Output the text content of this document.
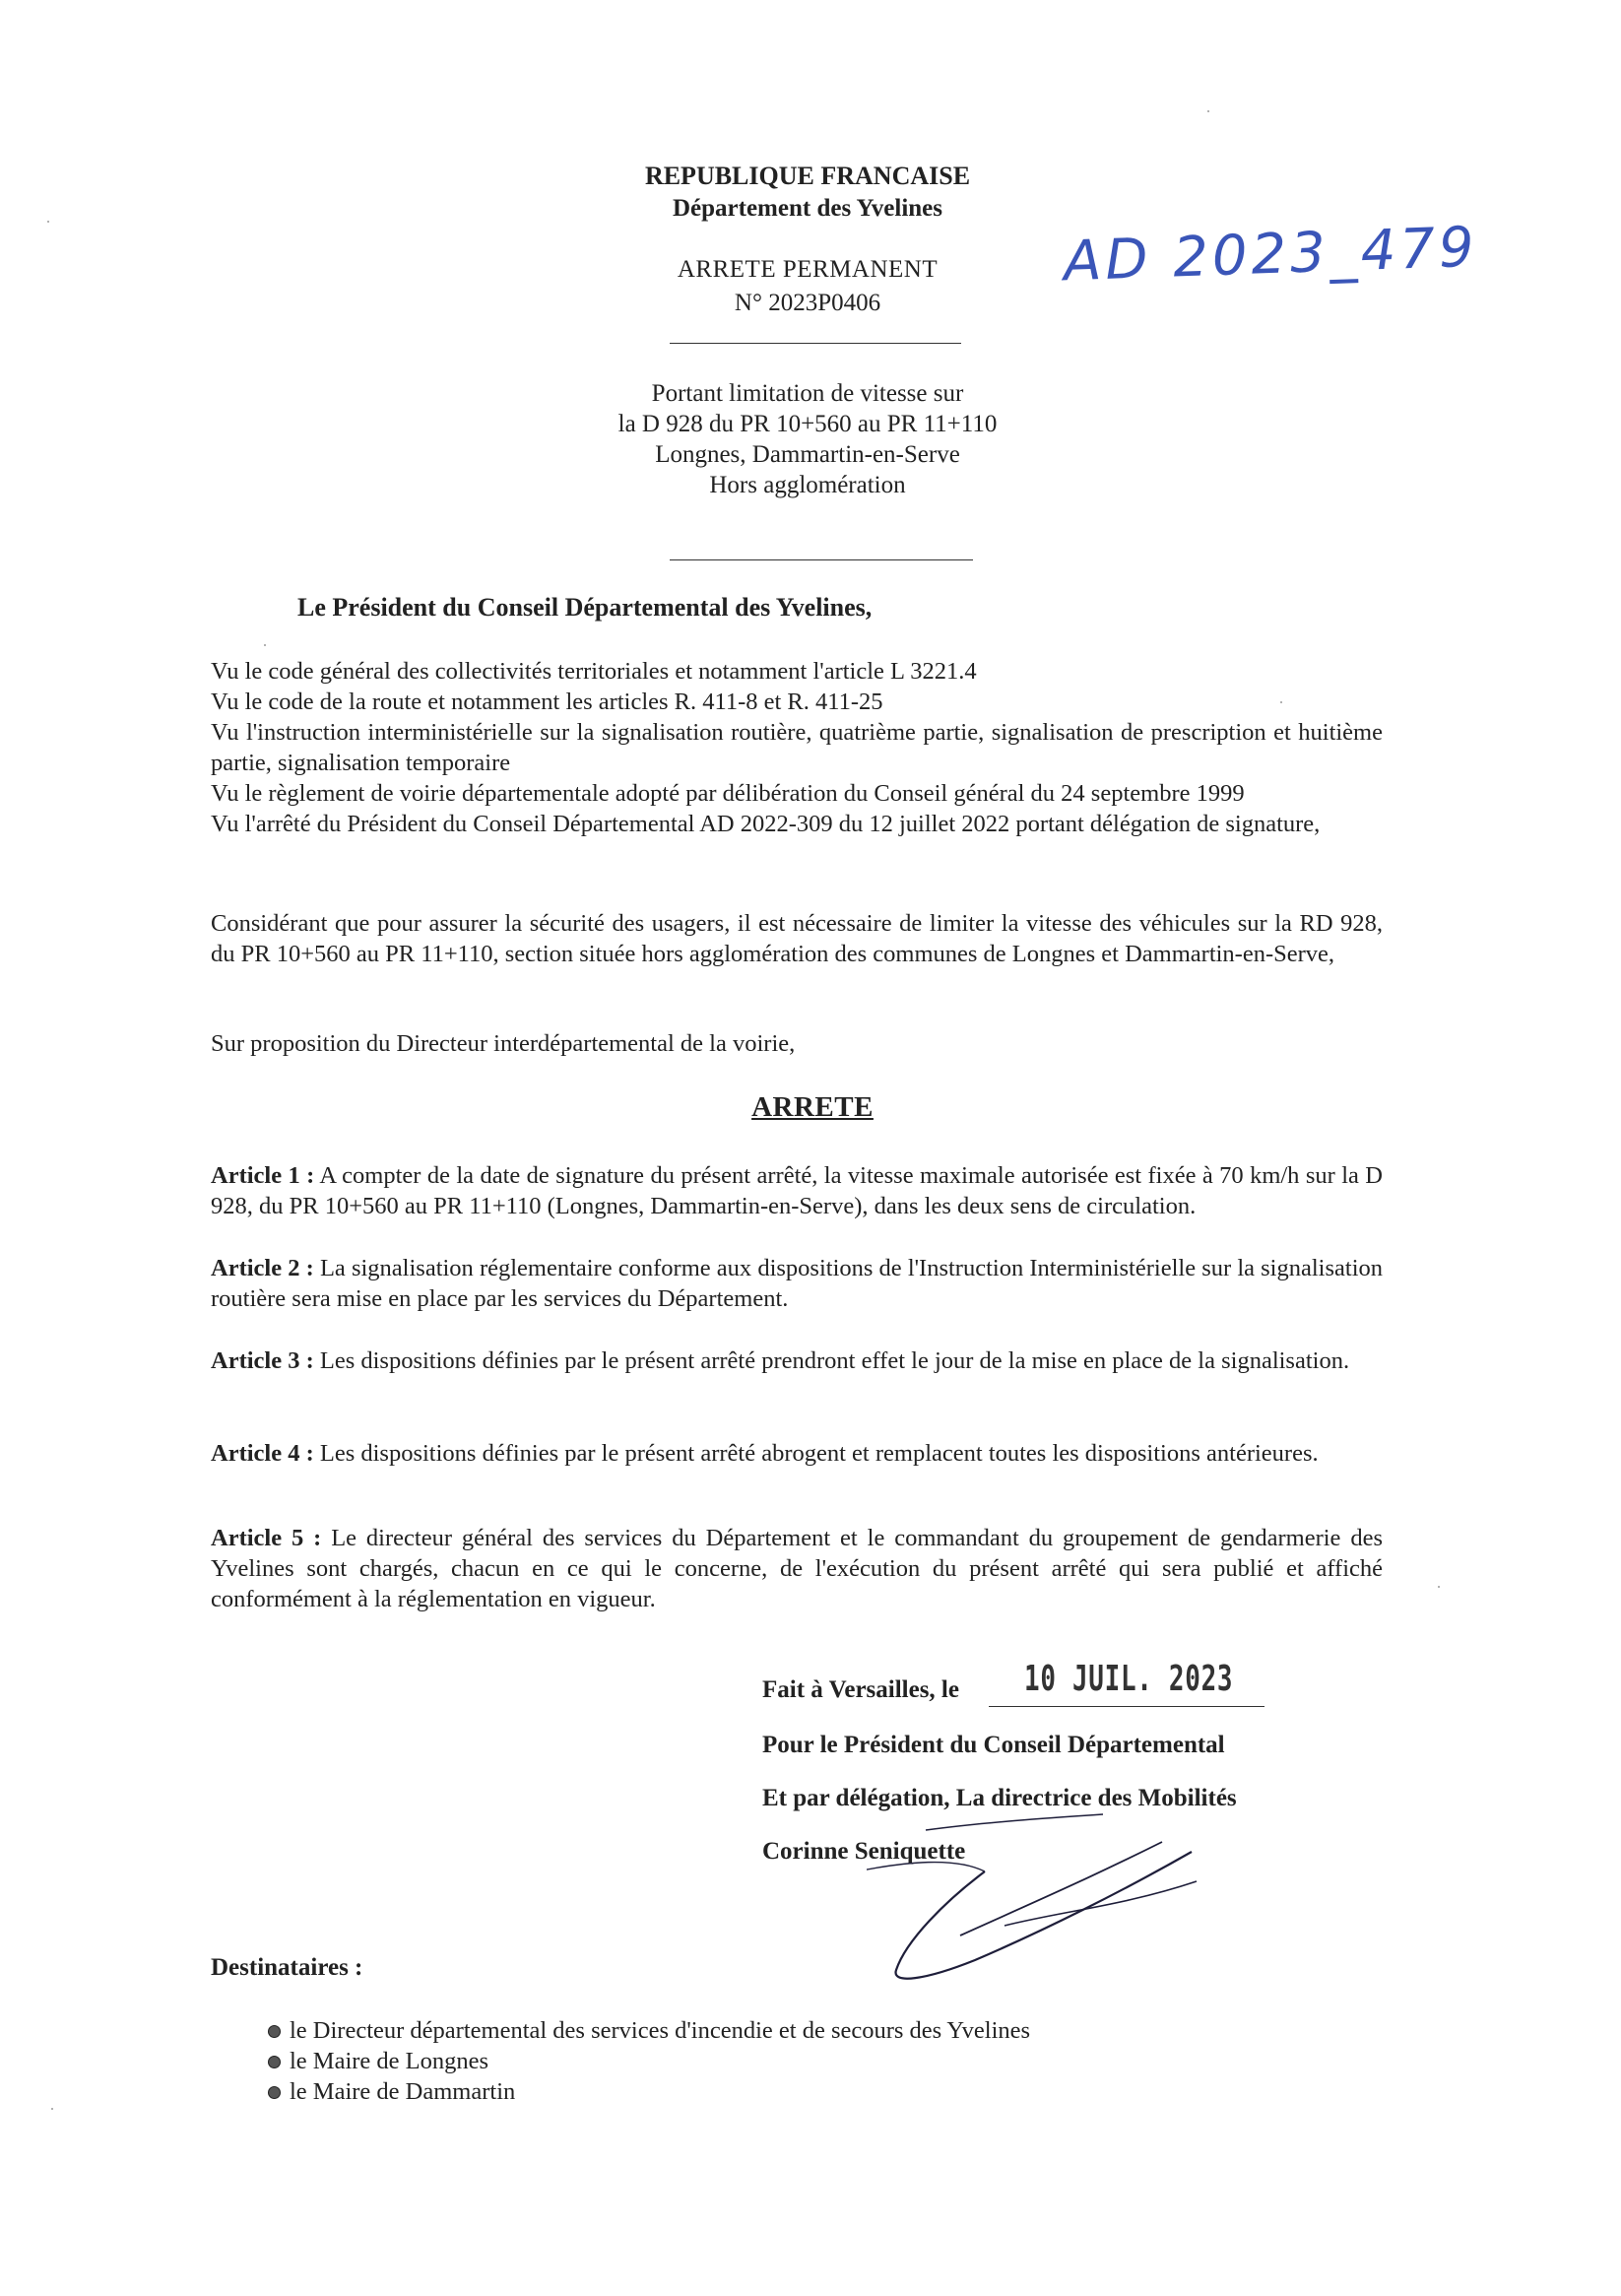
REPUBLIQUE FRANCAISE
Département des Yvelines
ARRETE PERMANENT
N° 2023P0406
AD 2023_479
Portant limitation de vitesse sur
la D 928 du PR 10+560 au PR 11+110
Longnes, Dammartin-en-Serve
Hors agglomération
Le Président du Conseil Départemental des Yvelines,
Vu le code général des collectivités territoriales et notamment l'article L 3221.4
Vu le code de la route et notamment les articles R. 411-8 et R. 411-25
Vu l'instruction interministérielle sur la signalisation routière, quatrième partie, signalisation de prescription et huitième partie, signalisation temporaire
Vu le règlement de voirie départementale adopté par délibération du Conseil général du 24 septembre 1999
Vu l'arrêté du Président du Conseil Départemental AD 2022-309 du 12 juillet 2022 portant délégation de signature,
Considérant que pour assurer la sécurité des usagers, il est nécessaire de limiter la vitesse des véhicules sur la RD 928, du PR 10+560 au PR 11+110, section située hors agglomération des communes de Longnes et Dammartin-en-Serve,
Sur proposition du Directeur interdépartemental de la voirie,
ARRETE
Article 1 : A compter de la date de signature du présent arrêté, la vitesse maximale autorisée est fixée à 70 km/h sur la D 928, du PR 10+560 au PR 11+110 (Longnes, Dammartin-en-Serve), dans les deux sens de circulation.
Article 2 : La signalisation réglementaire conforme aux dispositions de l'Instruction Interministérielle sur la signalisation routière sera mise en place par les services du Département.
Article 3 : Les dispositions définies par le présent arrêté prendront effet le jour de la mise en place de la signalisation.
Article 4 : Les dispositions définies par le présent arrêté abrogent et remplacent toutes les dispositions antérieures.
Article 5 : Le directeur général des services du Département et le commandant du groupement de gendarmerie des Yvelines sont chargés, chacun en ce qui le concerne, de l'exécution du présent arrêté qui sera publié et affiché conformément à la réglementation en vigueur.
Fait à Versailles, le 10 JUIL. 2023
Pour le Président du Conseil Départemental
Et par délégation, La directrice des Mobilités
Corinne Seniquette
Destinataires :
le Directeur départemental des services d'incendie et de secours des Yvelines
le Maire de Longnes
le Maire de Dammartin
